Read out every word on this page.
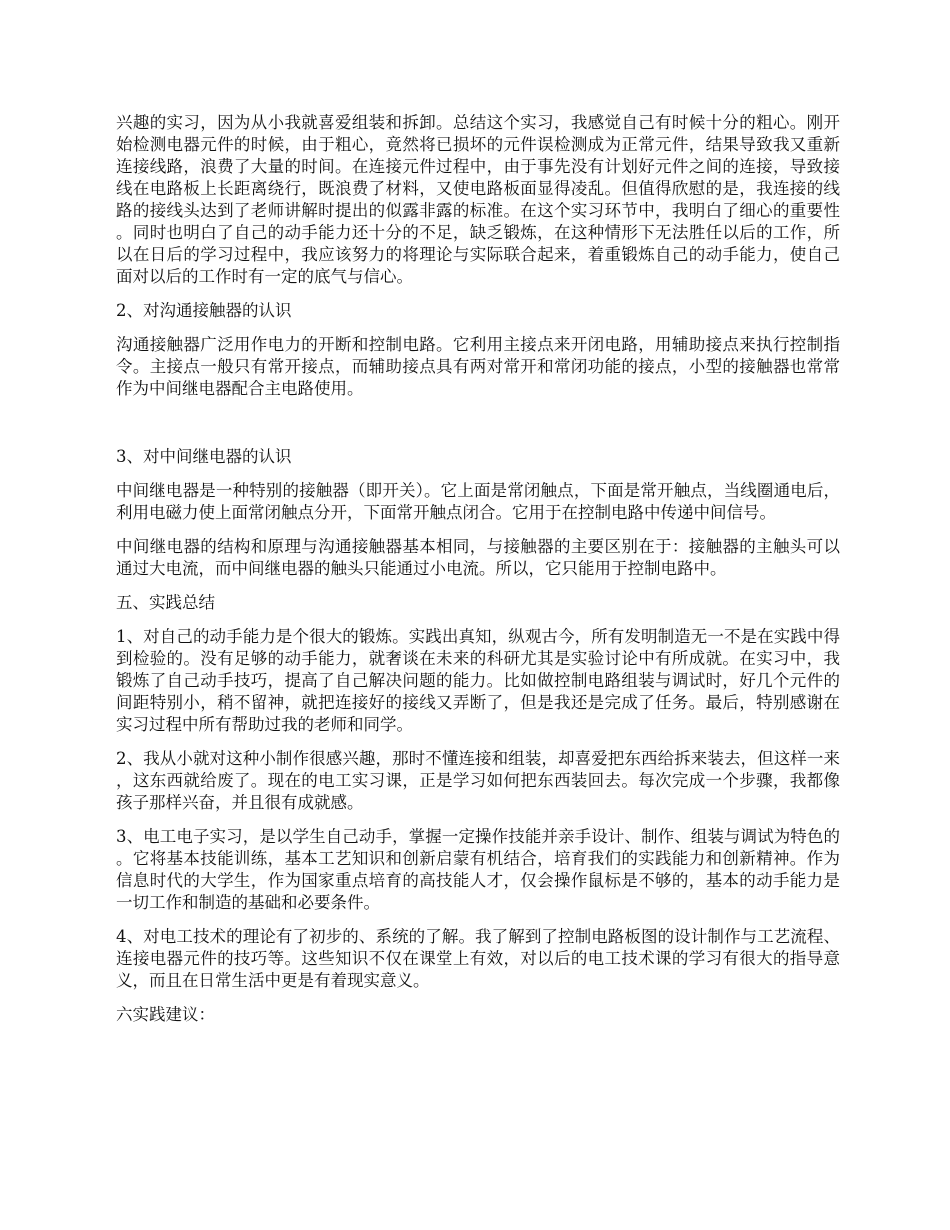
兴趣的实习，因为从小我就喜爱组装和拆卸。总结这个实习，我感觉自己有时候十分的粗心。刚开始检测电器元件的时候，由于粗心，竟然将已损坏的元件误检测成为正常元件，结果导致我又重新连接线路，浪费了大量的时间。在连接元件过程中，由于事先没有计划好元件之间的连接，导致接线在电路板上长距离绕行，既浪费了材料，又使电路板面显得凌乱。但值得欣慰的是，我连接的线路的接线头达到了老师讲解时提出的似露非露的标准。在这个实习环节中，我明白了细心的重要性。同时也明白了自己的动手能力还十分的不足，缺乏锻炼，在这种情形下无法胜任以后的工作，所以在日后的学习过程中，我应该努力的将理论与实际联合起来，着重锻炼自己的动手能力，使自己面对以后的工作时有一定的底气与信心。

2、对沟通接触器的认识

沟通接触器广泛用作电力的开断和控制电路。它利用主接点来开闭电路，用辅助接点来执行控制指令。主接点一般只有常开接点，而辅助接点具有两对常开和常闭功能的接点，小型的接触器也常常作为中间继电器配合主电路使用。

3、对中间继电器的认识

中间继电器是一种特别的接触器（即开关）。它上面是常闭触点，下面是常开触点，当线圈通电后，利用电磁力使上面常闭触点分开，下面常开触点闭合。它用于在控制电路中传递中间信号。

中间继电器的结构和原理与沟通接触器基本相同，与接触器的主要区别在于：接触器的主触头可以通过大电流，而中间继电器的触头只能通过小电流。所以，它只能用于控制电路中。

五、实践总结

1、对自己的动手能力是个很大的锻炼。实践出真知，纵观古今，所有发明制造无一不是在实践中得到检验的。没有足够的动手能力，就奢谈在未来的科研尤其是实验讨论中有所成就。在实习中，我锻炼了自己动手技巧，提高了自己解决问题的能力。比如做控制电路组装与调试时，好几个元件的间距特别小，稍不留神，就把连接好的接线又弄断了，但是我还是完成了任务。最后，特别感谢在实习过程中所有帮助过我的老师和同学。

2、我从小就对这种小制作很感兴趣，那时不懂连接和组装，却喜爱把东西给拆来装去，但这样一来，这东西就给废了。现在的电工实习课，正是学习如何把东西装回去。每次完成一个步骤，我都像孩子那样兴奋，并且很有成就感。

3、电工电子实习，是以学生自己动手，掌握一定操作技能并亲手设计、制作、组装与调试为特色的。它将基本技能训练，基本工艺知识和创新启蒙有机结合，培育我们的实践能力和创新精神。作为信息时代的大学生，作为国家重点培育的高技能人才，仅会操作鼠标是不够的，基本的动手能力是一切工作和制造的基础和必要条件。

4、对电工技术的理论有了初步的、系统的了解。我了解到了控制电路板图的设计制作与工艺流程、连接电器元件的技巧等。这些知识不仅在课堂上有效，对以后的电工技术课的学习有很大的指导意义，而且在日常生活中更是有着现实意义。

六实践建议：
